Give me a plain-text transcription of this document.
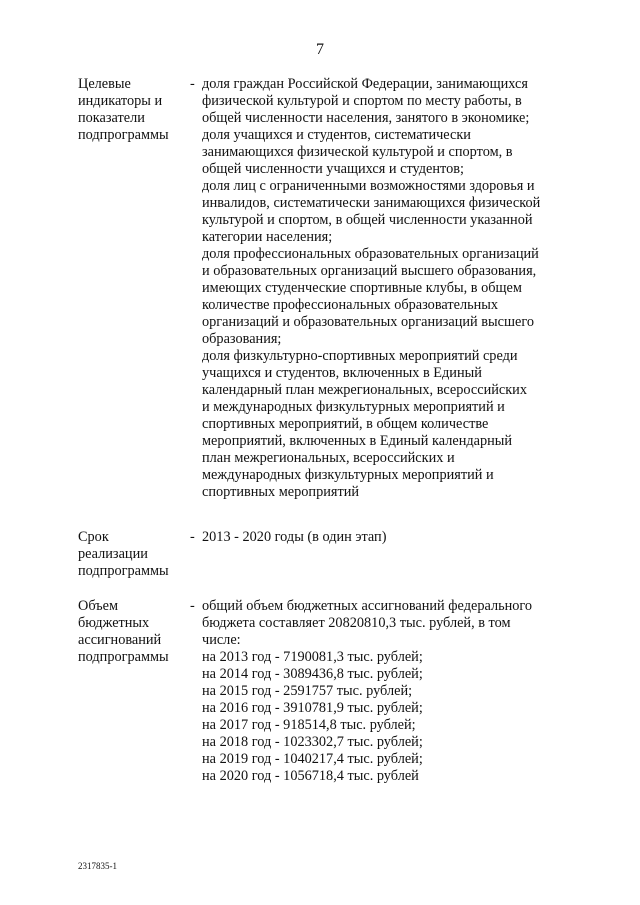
7
Целевые
индикаторы и
показатели
подпрограммы
- доля граждан Российской Федерации, занимающихся
физической культурой и спортом по месту работы, в
общей численности населения, занятого в экономике;
доля учащихся и студентов, систематически
занимающихся физической культурой и спортом, в
общей численности учащихся и студентов;
доля лиц с ограниченными возможностями здоровья и
инвалидов, систематически занимающихся физической
культурой и спортом, в общей численности указанной
категории населения;
доля профессиональных образовательных организаций
и образовательных организаций высшего образования,
имеющих студенческие спортивные клубы, в общем
количестве профессиональных образовательных
организаций и образовательных организаций высшего
образования;
доля физкультурно-спортивных мероприятий среди
учащихся и студентов, включенных в Единый
календарный план межрегиональных, всероссийских
и международных физкультурных мероприятий и
спортивных мероприятий, в общем количестве
мероприятий, включенных в Единый календарный
план межрегиональных, всероссийских и
международных физкультурных мероприятий и
спортивных мероприятий
Срок
реализации
подпрограммы
- 2013 - 2020 годы (в один этап)
Объем
бюджетных
ассигнований
подпрограммы
- общий объем бюджетных ассигнований федерального
бюджета составляет 20820810,3 тыс. рублей, в том
числе:
на 2013 год - 7190081,3 тыс. рублей;
на 2014 год - 3089436,8 тыс. рублей;
на 2015 год - 2591757 тыс. рублей;
на 2016 год - 3910781,9 тыс. рублей;
на 2017 год - 918514,8 тыс. рублей;
на 2018 год - 1023302,7 тыс. рублей;
на 2019 год - 1040217,4 тыс. рублей;
на 2020 год - 1056718,4 тыс. рублей
2317835-1
